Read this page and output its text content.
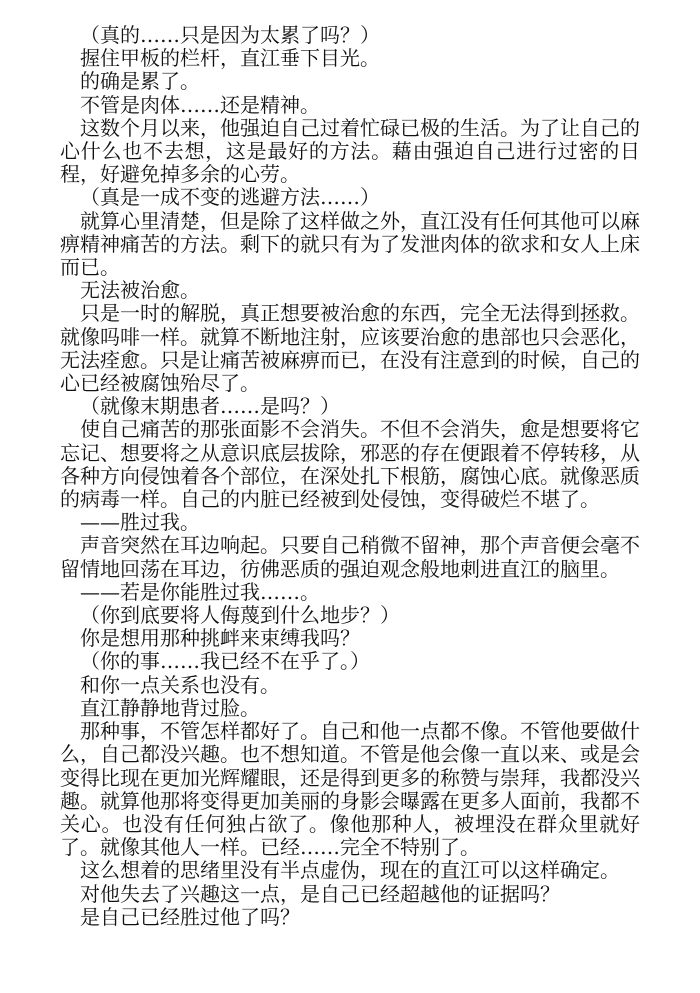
（真的……只是因为太累了吗？）

握住甲板的栏杆，直江垂下目光。

的确是累了。

不管是肉体……还是精神。

这数个月以来，他强迫自己过着忙碌已极的生活。为了让自己的心什么也不去想，这是最好的方法。藉由强迫自己进行过密的日程，好避免掉多余的心劳。

（真是一成不变的逃避方法……）

就算心里清楚，但是除了这样做之外，直江没有任何其他可以麻痹精神痛苦的方法。剩下的就只有为了发泄肉体的欲求和女人上床而已。

无法被治愈。

只是一时的解脱，真正想要被治愈的东西，完全无法得到拯救。就像吗啡一样。就算不断地注射，应该要治愈的患部也只会恶化，无法痊愈。只是让痛苦被麻痹而已，在没有注意到的时候，自己的心已经被腐蚀殆尽了。

（就像末期患者……是吗？）

使自己痛苦的那张面影不会消失。不但不会消失，愈是想要将它忘记、想要将之从意识底层拔除，邪恶的存在便跟着不停转移，从各种方向侵蚀着各个部位，在深处扎下根筋，腐蚀心底。就像恶质的病毒一样。自己的内脏已经被到处侵蚀，变得破烂不堪了。

——胜过我。

声音突然在耳边响起。只要自己稍微不留神，那个声音便会毫不留情地回荡在耳边，彷佛恶质的强迫观念般地刺进直江的脑里。

——若是你能胜过我……。

（你到底要将人侮蔑到什么地步？）

你是想用那种挑衅来束缚我吗？

（你的事……我已经不在乎了。）

和你一点关系也没有。

直江静静地背过脸。

那种事，不管怎样都好了。自己和他一点都不像。不管他要做什么，自己都没兴趣。也不想知道。不管是他会像一直以来、或是会变得比现在更加光辉耀眼，还是得到更多的称赞与崇拜，我都没兴趣。就算他那将变得更加美丽的身影会曝露在更多人面前，我都不关心。也没有任何独占欲了。像他那种人，被埋没在群众里就好了。就像其他人一样。已经……完全不特别了。

这么想着的思绪里没有半点虚伪，现在的直江可以这样确定。

对他失去了兴趣这一点，是自己已经超越他的证据吗？

是自己已经胜过他了吗？
